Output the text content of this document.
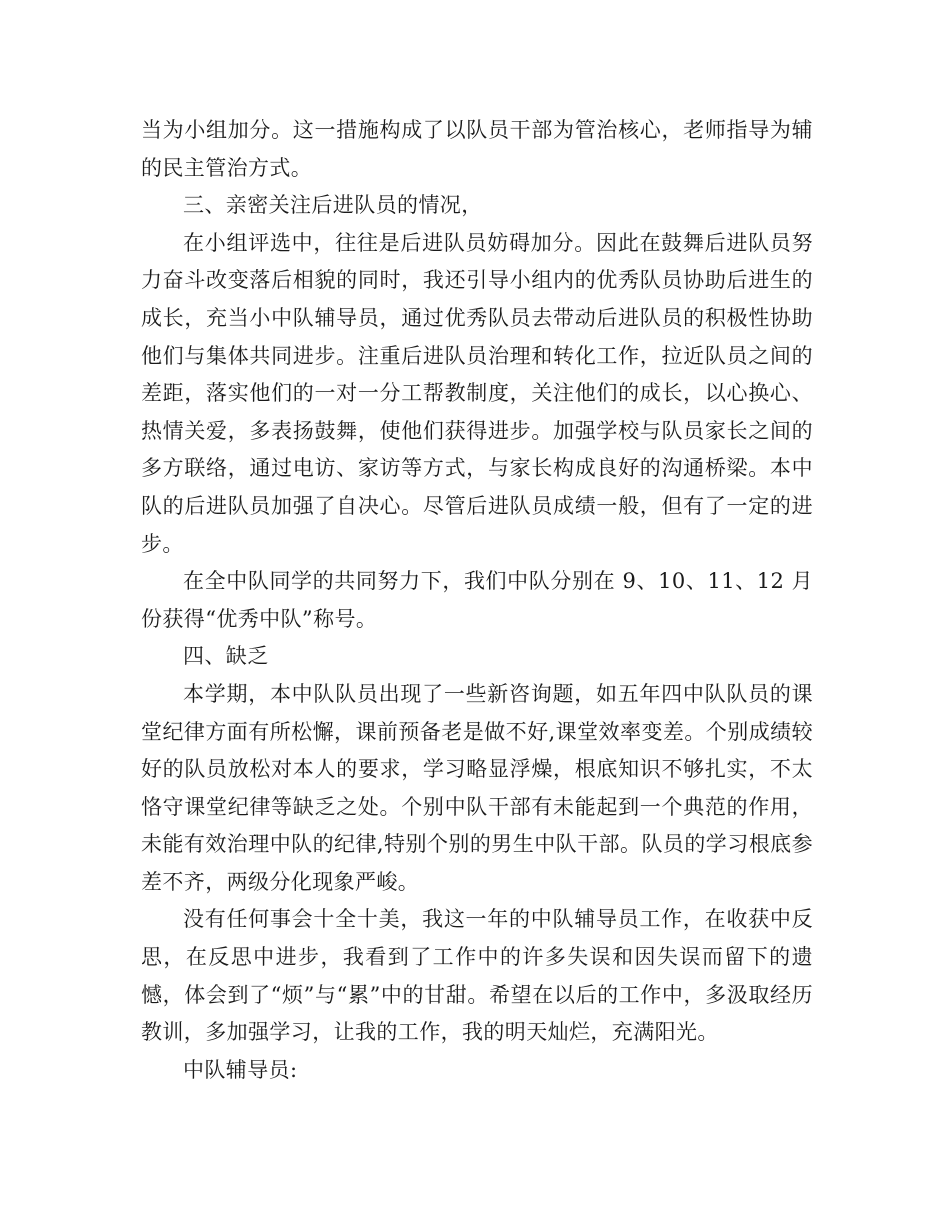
当为小组加分。这一措施构成了以队员干部为管治核心，老师指导为辅的民主管治方式。

三、亲密关注后进队员的情况，

在小组评选中，往往是后进队员妨碍加分。因此在鼓舞后进队员努力奋斗改变落后相貌的同时，我还引导小组内的优秀队员协助后进生的成长，充当小中队辅导员，通过优秀队员去带动后进队员的积极性协助他们与集体共同进步。注重后进队员治理和转化工作，拉近队员之间的差距，落实他们的一对一分工帮教制度，关注他们的成长，以心换心、热情关爱，多表扬鼓舞，使他们获得进步。加强学校与队员家长之间的多方联络，通过电访、家访等方式，与家长构成良好的沟通桥梁。本中队的后进队员加强了自决心。尽管后进队员成绩一般，但有了一定的进步。

在全中队同学的共同努力下，我们中队分别在 9、10、11、12 月份获得“优秀中队”称号。

四、缺乏

本学期，本中队队员出现了一些新咨询题，如五年四中队队员的课堂纪律方面有所松懈，课前预备老是做不好,课堂效率变差。个别成绩较好的队员放松对本人的要求，学习略显浮燥，根底知识不够扎实，不太恪守课堂纪律等缺乏之处。个别中队干部有未能起到一个典范的作用，未能有效治理中队的纪律,特别个别的男生中队干部。队员的学习根底参差不齐，两级分化现象严峻。

没有任何事会十全十美，我这一年的中队辅导员工作，在收获中反思，在反思中进步，我看到了工作中的许多失误和因失误而留下的遗憾，体会到了“烦”与“累”中的甘甜。希望在以后的工作中，多汲取经历教训，多加强学习，让我的工作，我的明天灿烂，充满阳光。

中队辅导员:
